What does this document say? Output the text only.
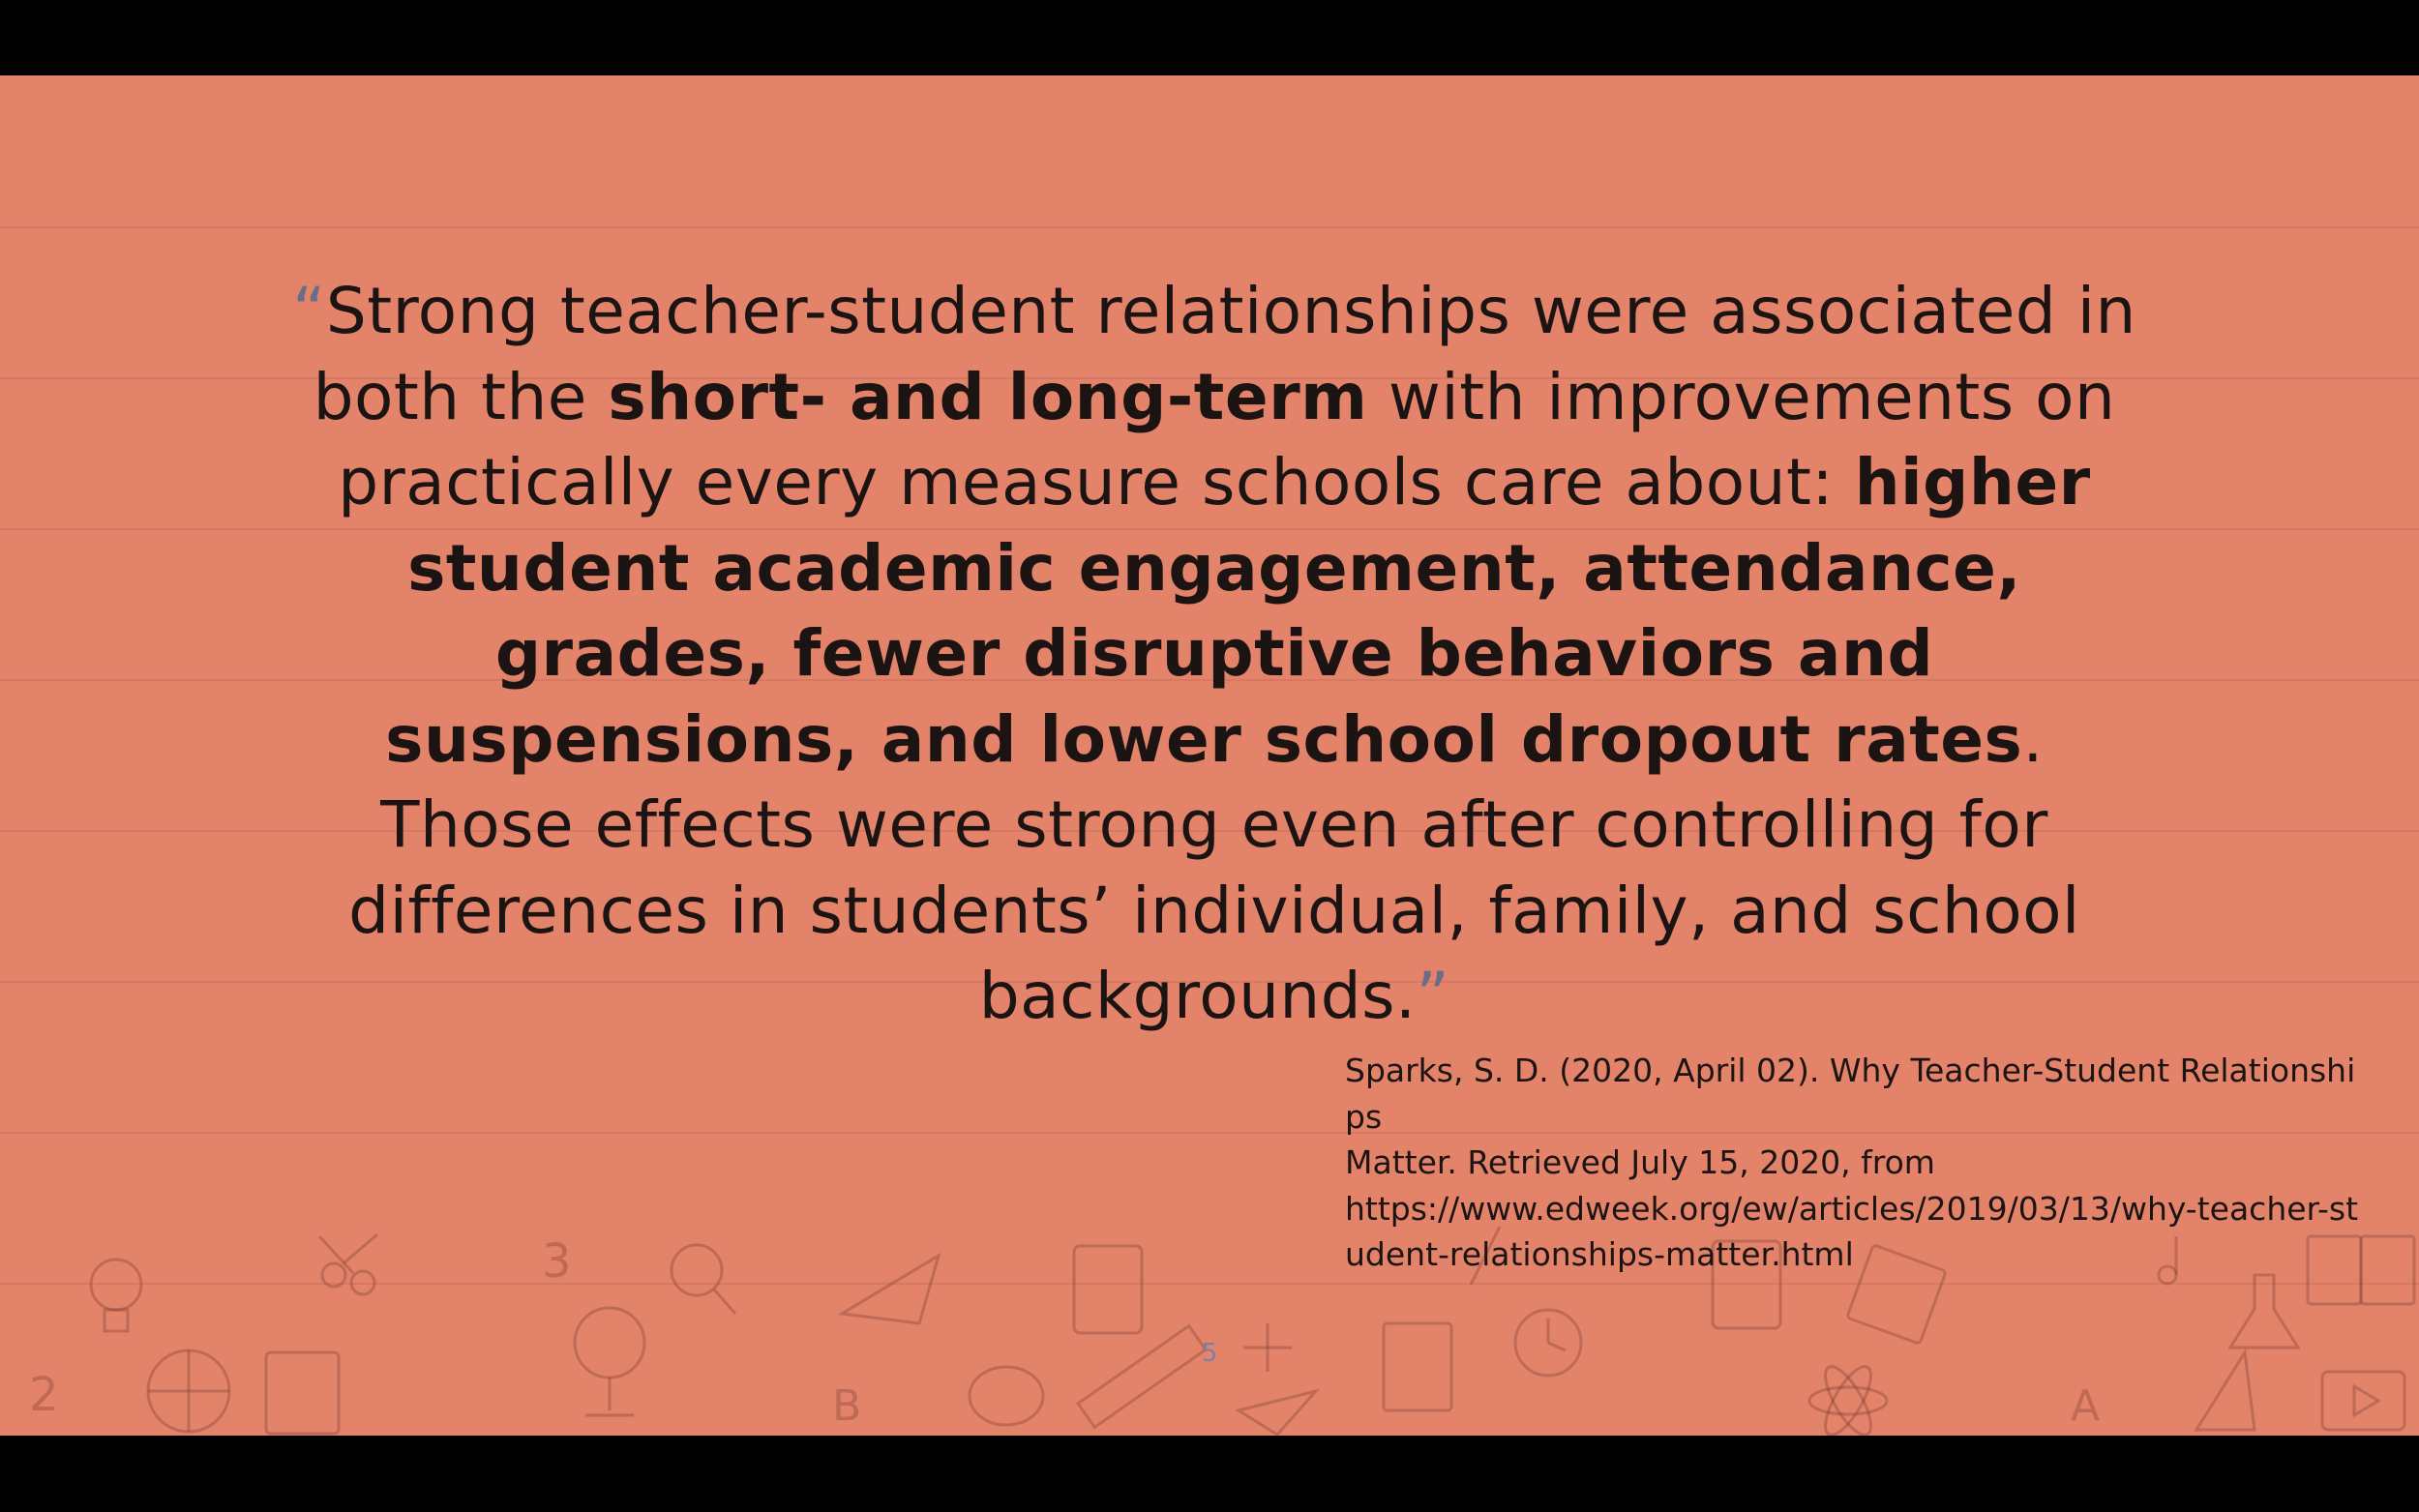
3
2	A
B
“Strong teacher-student relationships were associated in both the short- and long-term with improvements on practically every measure schools care about: higher student academic engagement, attendance, grades, fewer disruptive behaviors and suspensions, and lower school dropout rates. Those effects were strong even after controlling for differences in students’ individual, family, and school backgrounds.”
Sparks, S. D. (2020, April 02). Why Teacher-Student Relationships
Matter. Retrieved July 15, 2020, from
https://www.edweek.org/ew/articles/2019/03/13/why-teacher-st
udent-relationships-matter.html
5
